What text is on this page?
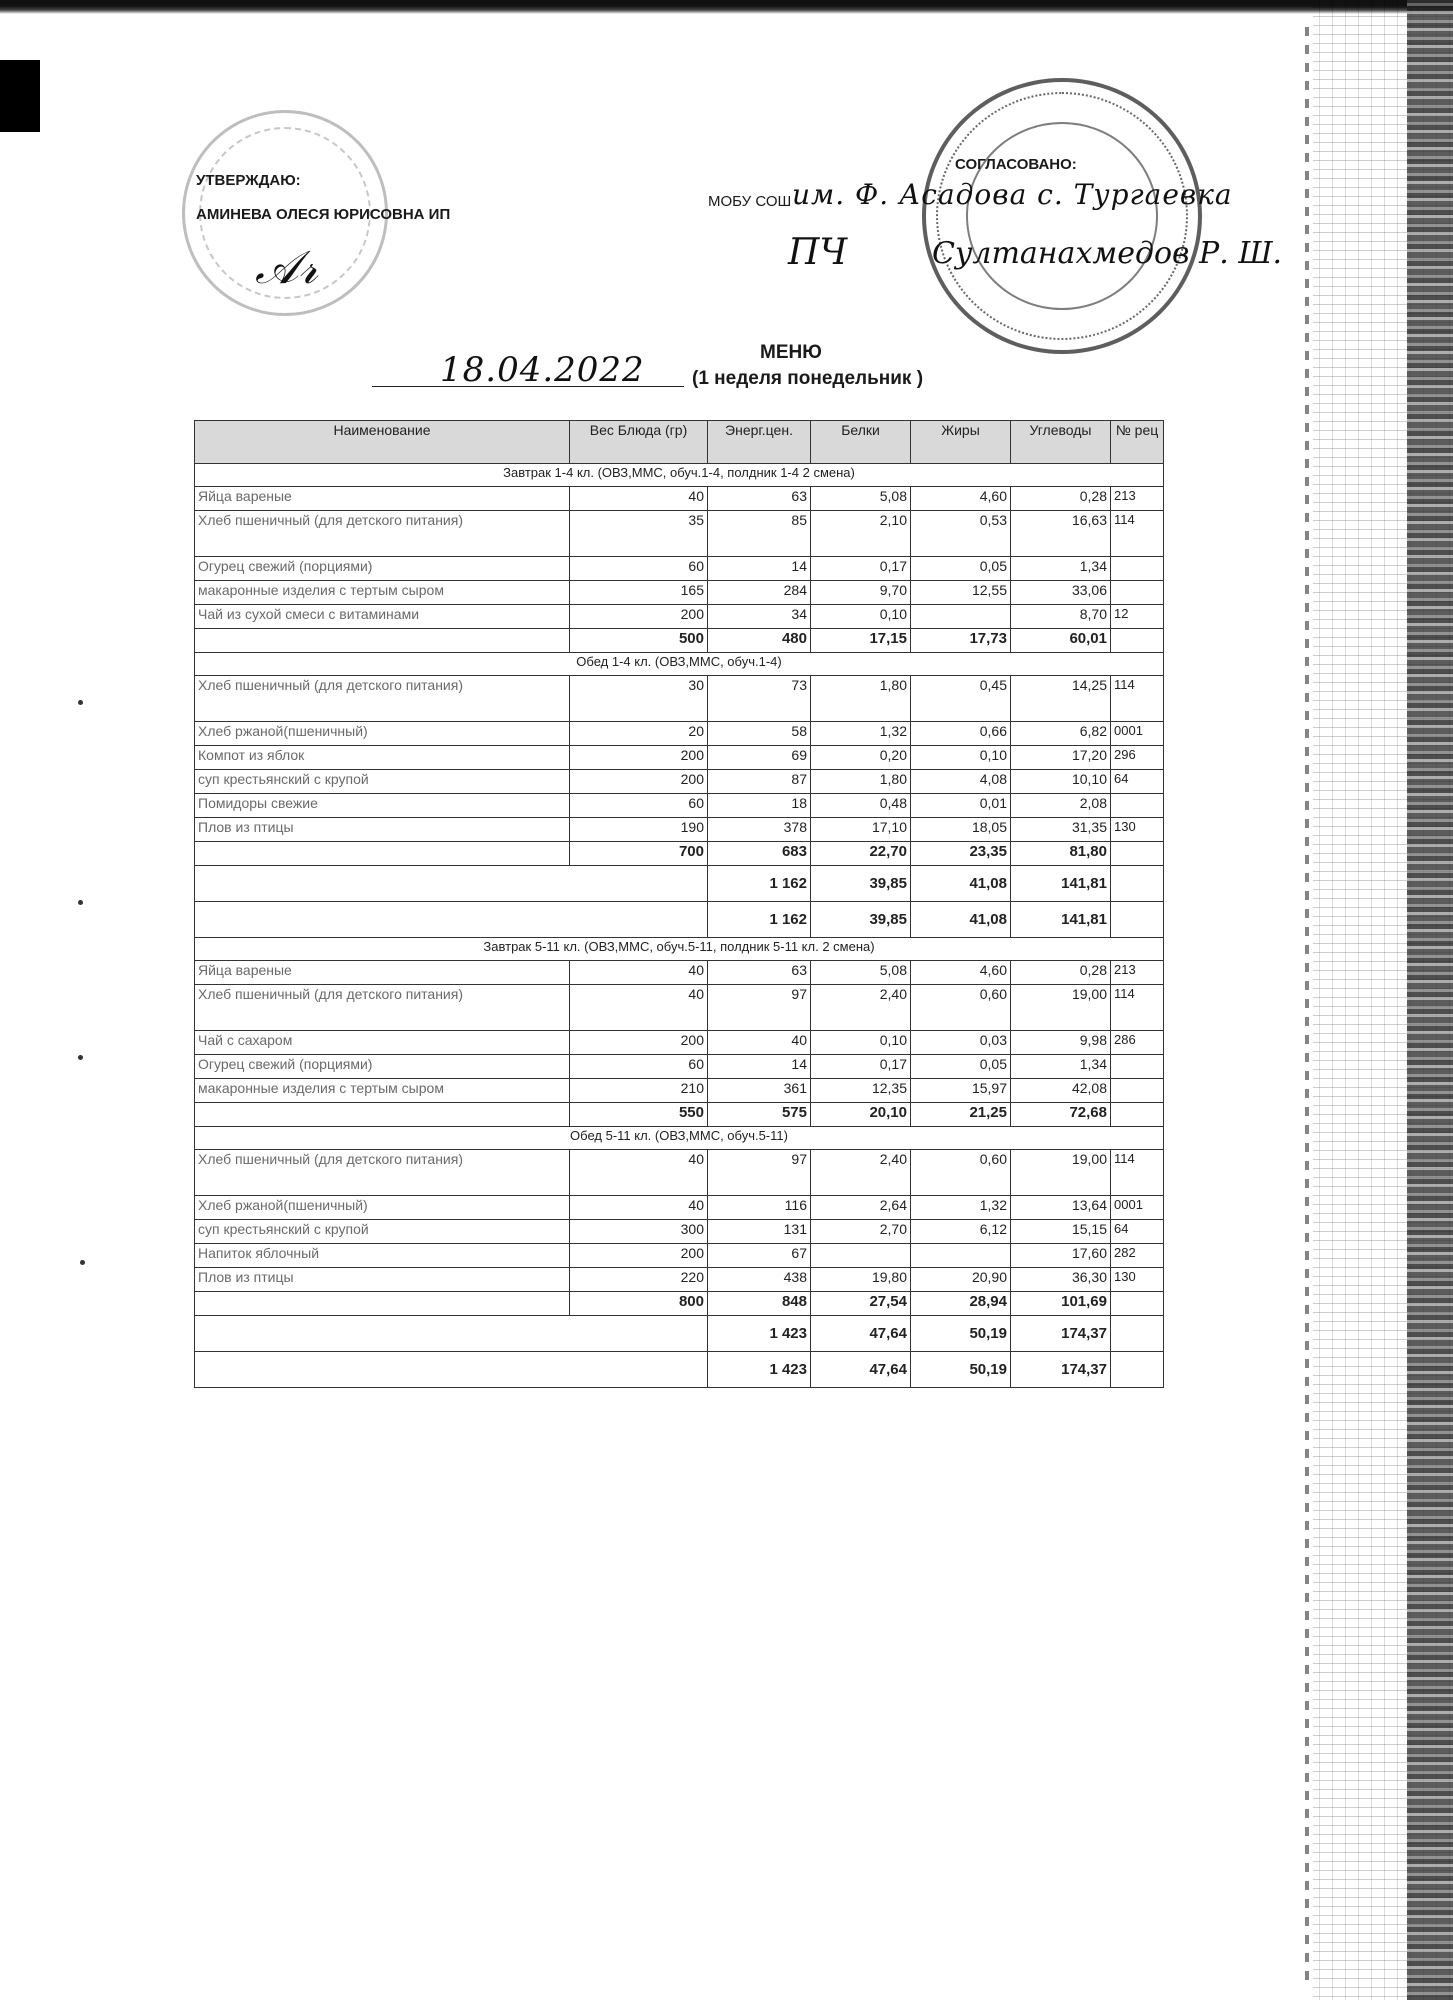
УТВЕРЖДАЮ:
АМИНЕВА ОЛЕСЯ ЮРИСОВНА ИП
𝒜𝓇
СОГЛАСОВАНО:
МОБУ СОШ им. Ф. Асадова с. Тургаевка
ПЧ	Султанахмедов Р. Ш.
МЕНЮ
18.04.2022 (1 неделя понедельник )
Наименование	Вес Блюда (гр)	Энерг.цен.	Белки	Жиры	Углеводы	№ рец
Завтрак 1-4 кл. (ОВЗ,ММС, обуч.1-4, полдник 1-4 2 смена)						
Яйца вареные	40	63	5,08	4,60	0,28	213
Хлеб пшеничный (для детского питания)	35	85	2,10	0,53	16,63	114
Огурец свежий (порциями)	60	14	0,17	0,05	1,34	
макаронные изделия с тертым сыром	165	284	9,70	12,55	33,06	
Чай из сухой смеси с витаминами	200	34	0,10		8,70	12
	500	480	17,15	17,73	60,01	
Обед 1-4 кл. (ОВЗ,ММС, обуч.1-4)						
Хлеб пшеничный (для детского питания)	30	73	1,80	0,45	14,25	114
Хлеб ржаной(пшеничный)	20	58	1,32	0,66	6,82	0001
Компот из яблок	200	69	0,20	0,10	17,20	296
суп крестьянский с крупой	200	87	1,80	4,08	10,10	64
Помидоры свежие	60	18	0,48	0,01	2,08	
Плов из птицы	190	378	17,10	18,05	31,35	130
	700	683	22,70	23,35	81,80	
		1 162	39,85	41,08	141,81	
		1 162	39,85	41,08	141,81	
Завтрак 5-11 кл. (ОВЗ,ММС, обуч.5-11, полдник 5-11 кл. 2 смена)						
Яйца вареные	40	63	5,08	4,60	0,28	213
Хлеб пшеничный (для детского питания)	40	97	2,40	0,60	19,00	114
Чай с сахаром	200	40	0,10	0,03	9,98	286
Огурец свежий (порциями)	60	14	0,17	0,05	1,34	
макаронные изделия с тертым сыром	210	361	12,35	15,97	42,08	
	550	575	20,10	21,25	72,68	
Обед 5-11 кл. (ОВЗ,ММС, обуч.5-11)						
Хлеб пшеничный (для детского питания)	40	97	2,40	0,60	19,00	114
Хлеб ржаной(пшеничный)	40	116	2,64	1,32	13,64	0001
суп крестьянский с крупой	300	131	2,70	6,12	15,15	64
Напиток яблочный	200	67			17,60	282
Плов из птицы	220	438	19,80	20,90	36,30	130
	800	848	27,54	28,94	101,69	
		1 423	47,64	50,19	174,37	
		1 423	47,64	50,19	174,37	
